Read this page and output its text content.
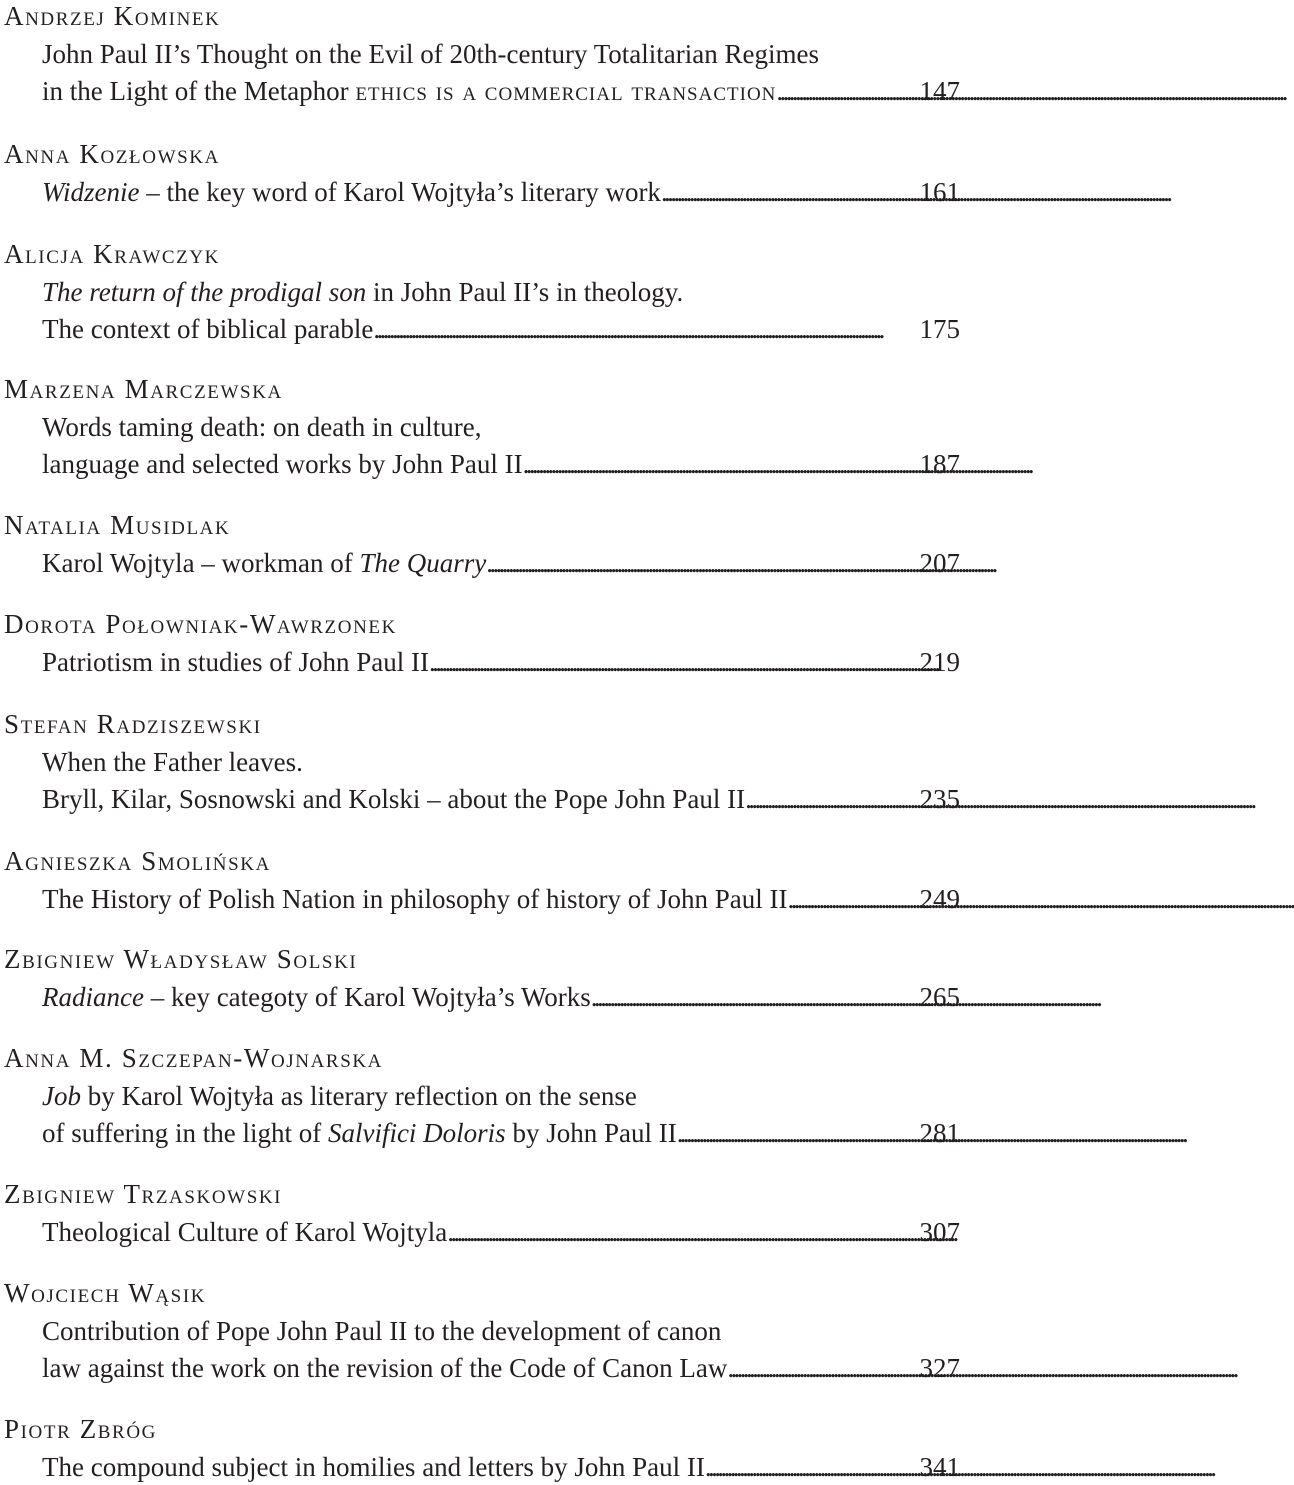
Andrzej Kominek
John Paul II’s Thought on the Evil of 20th-century Totalitarian Regimes
in the Light of the Metaphor ethics is a commercial transaction . . .	147
Anna Kozłowska
Widzenie – the key word of Karol Wojtyła’s literary work . . .	161
Alicja Krawczyk
The return of the prodigal son in John Paul II’s in theology.
The context of biblical parable . . .	175
Marzena Marczewska
Words taming death: on death in culture,
language and selected works by John Paul II . . .	187
Natalia Musidlak
Karol Wojtyla – workman of The Quarry . . .	207
Dorota Połowniak-Wawrzonek
Patriotism in studies of John Paul II . . .	219
Stefan Radziszewski
When the Father leaves.
Bryll, Kilar, Sosnowski and Kolski – about the Pope John Paul II . . .	235
Agnieszka Smolińska
The History of Polish Nation in philosophy of history of John Paul II . . .	249
Zbigniew Władysław Solski
Radiance – key categoty of Karol Wojtyła’s Works . . .	265
Anna M. Szczepan-Wojnarska
Job by Karol Wojtyła as literary reflection on the sense
of suffering in the light of Salvifici Doloris by John Paul II . . .	281
Zbigniew Trzaskowski
Theological Culture of Karol Wojtyla . . .	307
Wojciech Wąsik
Contribution of Pope John Paul II to the development of canon
law against the work on the revision of the Code of Canon Law . . .	327
Piotr Zbróg
The compound subject in homilies and letters by John Paul II . . .	341
